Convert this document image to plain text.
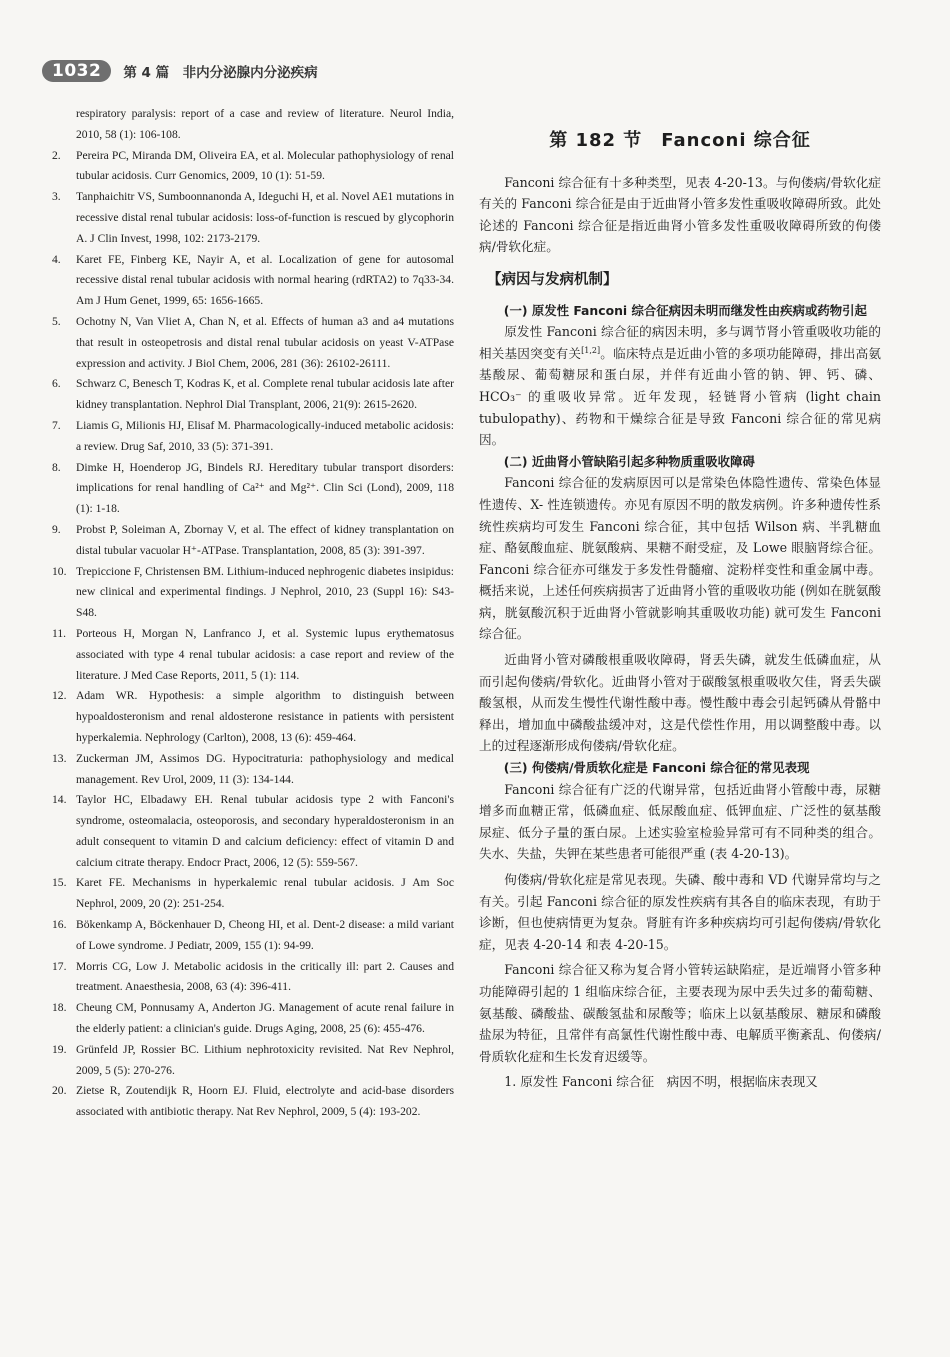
1032	第 4 篇　非内分泌腺内分泌疾病
respiratory paralysis: report of a case and review of literature. Neurol India, 2010, 58 (1): 106-108.
2.	Pereira PC, Miranda DM, Oliveira EA, et al. Molecular pathophysiology of renal tubular acidosis. Curr Genomics, 2009, 10 (1): 51-59.
3.	Tanphaichitr VS, Sumboonnanonda A, Ideguchi H, et al. Novel AE1 mutations in recessive distal renal tubular acidosis: loss-of-function is rescued by glycophorin A. J Clin Invest, 1998, 102: 2173-2179.
4.	Karet FE, Finberg KE, Nayir A, et al. Localization of gene for autosomal recessive distal renal tubular acidosis with normal hearing (rdRTA2) to 7q33-34. Am J Hum Genet, 1999, 65: 1656-1665.
5.	Ochotny N, Van Vliet A, Chan N, et al. Effects of human a3 and a4 mutations that result in osteopetrosis and distal renal tubular acidosis on yeast V-ATPase expression and activity. J Biol Chem, 2006, 281 (36): 26102-26111.
6.	Schwarz C, Benesch T, Kodras K, et al. Complete renal tubular acidosis late after kidney transplantation. Nephrol Dial Transplant, 2006, 21(9): 2615-2620.
7.	Liamis G, Milionis HJ, Elisaf M. Pharmacologically-induced metabolic acidosis: a review. Drug Saf, 2010, 33 (5): 371-391.
8.	Dimke H, Hoenderop JG, Bindels RJ. Hereditary tubular transport disorders: implications for renal handling of Ca²⁺ and Mg²⁺. Clin Sci (Lond), 2009, 118 (1): 1-18.
9.	Probst P, Soleiman A, Zbornay V, et al. The effect of kidney transplantation on distal tubular vacuolar H⁺-ATPase. Transplantation, 2008, 85 (3): 391-397.
10. Trepiccione F, Christensen BM. Lithium-induced nephrogenic diabetes insipidus: new clinical and experimental findings. J Nephrol, 2010, 23 (Suppl 16): S43-S48.
11. Porteous H, Morgan N, Lanfranco J, et al. Systemic lupus erythematosus associated with type 4 renal tubular acidosis: a case report and review of the literature. J Med Case Reports, 2011, 5 (1): 114.
12. Adam WR. Hypothesis: a simple algorithm to distinguish between hypoaldosteronism and renal aldosterone resistance in patients with persistent hyperkalemia. Nephrology (Carlton), 2008, 13 (6): 459-464.
13. Zuckerman JM, Assimos DG. Hypocitraturia: pathophysiology and medical management. Rev Urol, 2009, 11 (3): 134-144.
14. Taylor HC, Elbadawy EH. Renal tubular acidosis type 2 with Fanconi's syndrome, osteomalacia, osteoporosis, and secondary hyperaldosteronism in an adult consequent to vitamin D and calcium deficiency: effect of vitamin D and calcium citrate therapy. Endocr Pract, 2006, 12 (5): 559-567.
15. Karet FE. Mechanisms in hyperkalemic renal tubular acidosis. J Am Soc Nephrol, 2009, 20 (2): 251-254.
16. Bökenkamp A, Böckenhauer D, Cheong HI, et al. Dent-2 disease: a mild variant of Lowe syndrome. J Pediatr, 2009, 155 (1): 94-99.
17. Morris CG, Low J. Metabolic acidosis in the critically ill: part 2. Causes and treatment. Anaesthesia, 2008, 63 (4): 396-411.
18. Cheung CM, Ponnusamy A, Anderton JG. Management of acute renal failure in the elderly patient: a clinician's guide. Drugs Aging, 2008, 25 (6): 455-476.
19. Grünfeld JP, Rossier BC. Lithium nephrotoxicity revisited. Nat Rev Nephrol, 2009, 5 (5): 270-276.
20. Zietse R, Zoutendijk R, Hoorn EJ. Fluid, electrolyte and acid-base disorders associated with antibiotic therapy. Nat Rev Nephrol, 2009, 5 (4): 193-202.
第 182 节　Fanconi 综合征

Fanconi 综合征有十多种类型，见表 4-20-13。与佝偻病/骨软化症有关的 Fanconi 综合征是由于近曲肾小管多发性重吸收障碍所致。此处论述的 Fanconi 综合征是指近曲肾小管多发性重吸收障碍所致的佝偻病/骨软化症。

【病因与发病机制】

(一) 原发性 Fanconi 综合征病因未明而继发性由疾病或药物引起

原发性 Fanconi 综合征的病因未明，多与调节肾小管重吸收功能的相关基因突变有关[1,2]。临床特点是近曲小管的多项功能障碍，排出高氨基酸尿、葡萄糖尿和蛋白尿，并伴有近曲小管的钠、钾、钙、磷、HCO₃⁻ 的重吸收异常。近年发现，轻链肾小管病 (light chain tubulopathy)、药物和干燥综合征是导致 Fanconi 综合征的常见病因。

(二) 近曲肾小管缺陷引起多种物质重吸收障碍

Fanconi 综合征的发病原因可以是常染色体隐性遗传、常染色体显性遗传、X- 性连锁遗传。亦见有原因不明的散发病例。许多种遗传性系统性疾病均可发生 Fanconi 综合征，其中包括 Wilson 病、半乳糖血症、酪氨酸血症、胱氨酸病、果糖不耐受症，及 Lowe 眼脑肾综合征。Fanconi 综合征亦可继发于多发性骨髓瘤、淀粉样变性和重金属中毒。概括来说，上述任何疾病损害了近曲肾小管的重吸收功能 (例如在胱氨酸病，胱氨酸沉积于近曲肾小管就影响其重吸收功能) 就可发生 Fanconi 综合征。

近曲肾小管对磷酸根重吸收障碍，肾丢失磷，就发生低磷血症，从而引起佝偻病/骨软化。近曲肾小管对于碳酸氢根重吸收欠佳，肾丢失碳酸氢根，从而发生慢性代谢性酸中毒。慢性酸中毒会引起钙磷从骨骼中释出，增加血中磷酸盐缓冲对，这是代偿性作用，用以调整酸中毒。以上的过程逐渐形成佝偻病/骨软化症。

(三) 佝偻病/骨质软化症是 Fanconi 综合征的常见表现

Fanconi 综合征有广泛的代谢异常，包括近曲肾小管酸中毒，尿糖增多而血糖正常，低磷血症、低尿酸血症、低钾血症、广泛性的氨基酸尿症、低分子量的蛋白尿。上述实验室检验异常可有不同种类的组合。失水、失盐，失钾在某些患者可能很严重 (表 4-20-13)。

佝偻病/骨软化症是常见表现。失磷、酸中毒和 VD 代谢异常均与之有关。引起 Fanconi 综合征的原发性疾病有其各自的临床表现，有助于诊断，但也使病情更为复杂。肾脏有许多种疾病均可引起佝偻病/骨软化症，见表 4-20-14 和表 4-20-15。

Fanconi 综合征又称为复合肾小管转运缺陷症，是近端肾小管多种功能障碍引起的 1 组临床综合征，主要表现为尿中丢失过多的葡萄糖、氨基酸、磷酸盐、碳酸氢盐和尿酸等；临床上以氨基酸尿、糖尿和磷酸盐尿为特征，且常伴有高氯性代谢性酸中毒、电解质平衡紊乱、佝偻病/骨质软化症和生长发育迟缓等。

1. 原发性 Fanconi 综合征　病因不明，根据临床表现又
